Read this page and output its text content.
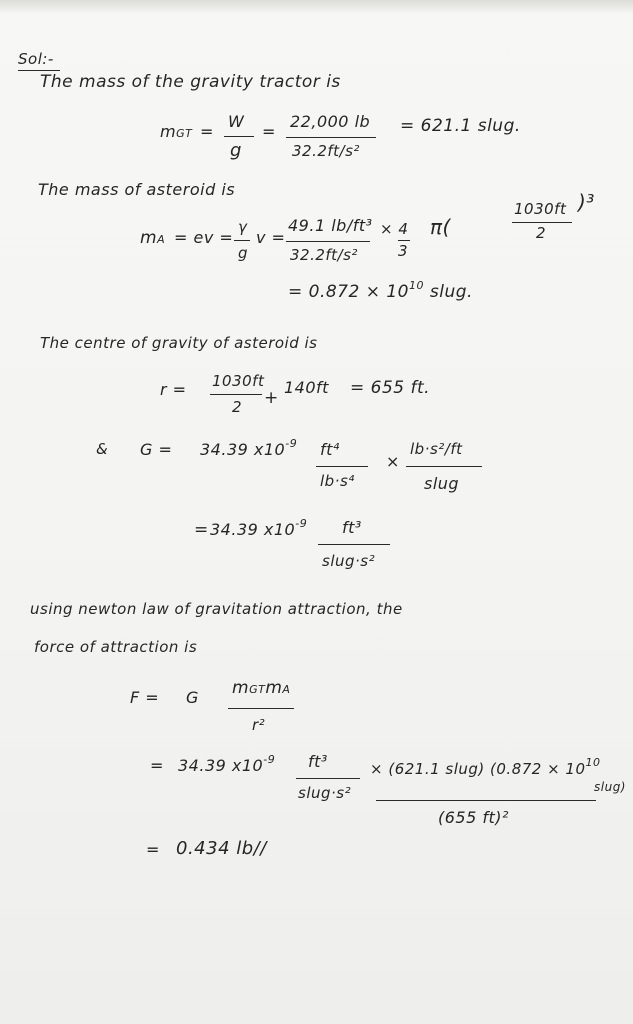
Sol:-
The mass of the gravity tractor is
mGT =
W
g
=
22,000 lb
32.2ft/s²
= 621.1 slug.
The mass of asteroid is
mA = ev =
γ
g
v =
49.1 lb/ft³
32.2ft/s²
× 4
3
π(
1030ft
2
)³
= $0.872 \times 10^{10}$ slug.
The centre of gravity of asteroid is
r = 1030ft
2 +
140ft = 655 ft.
& G = 34.39 $x10^{-9}$ ft⁴
lb·s⁴
×
lb·s²/ft
slug
= 34.39 $x10^{-9}$ ft³
slug·s²
using newton law of gravitation attraction, the
force of attraction is
F = G mGTmA
r²
= 34.39 $x10^{-9}$ ft³
slug·s²
× (621.1 slug) ($0.872 \times 10^{10}$
slug)
(655 ft)²
= 0.434 lb//
